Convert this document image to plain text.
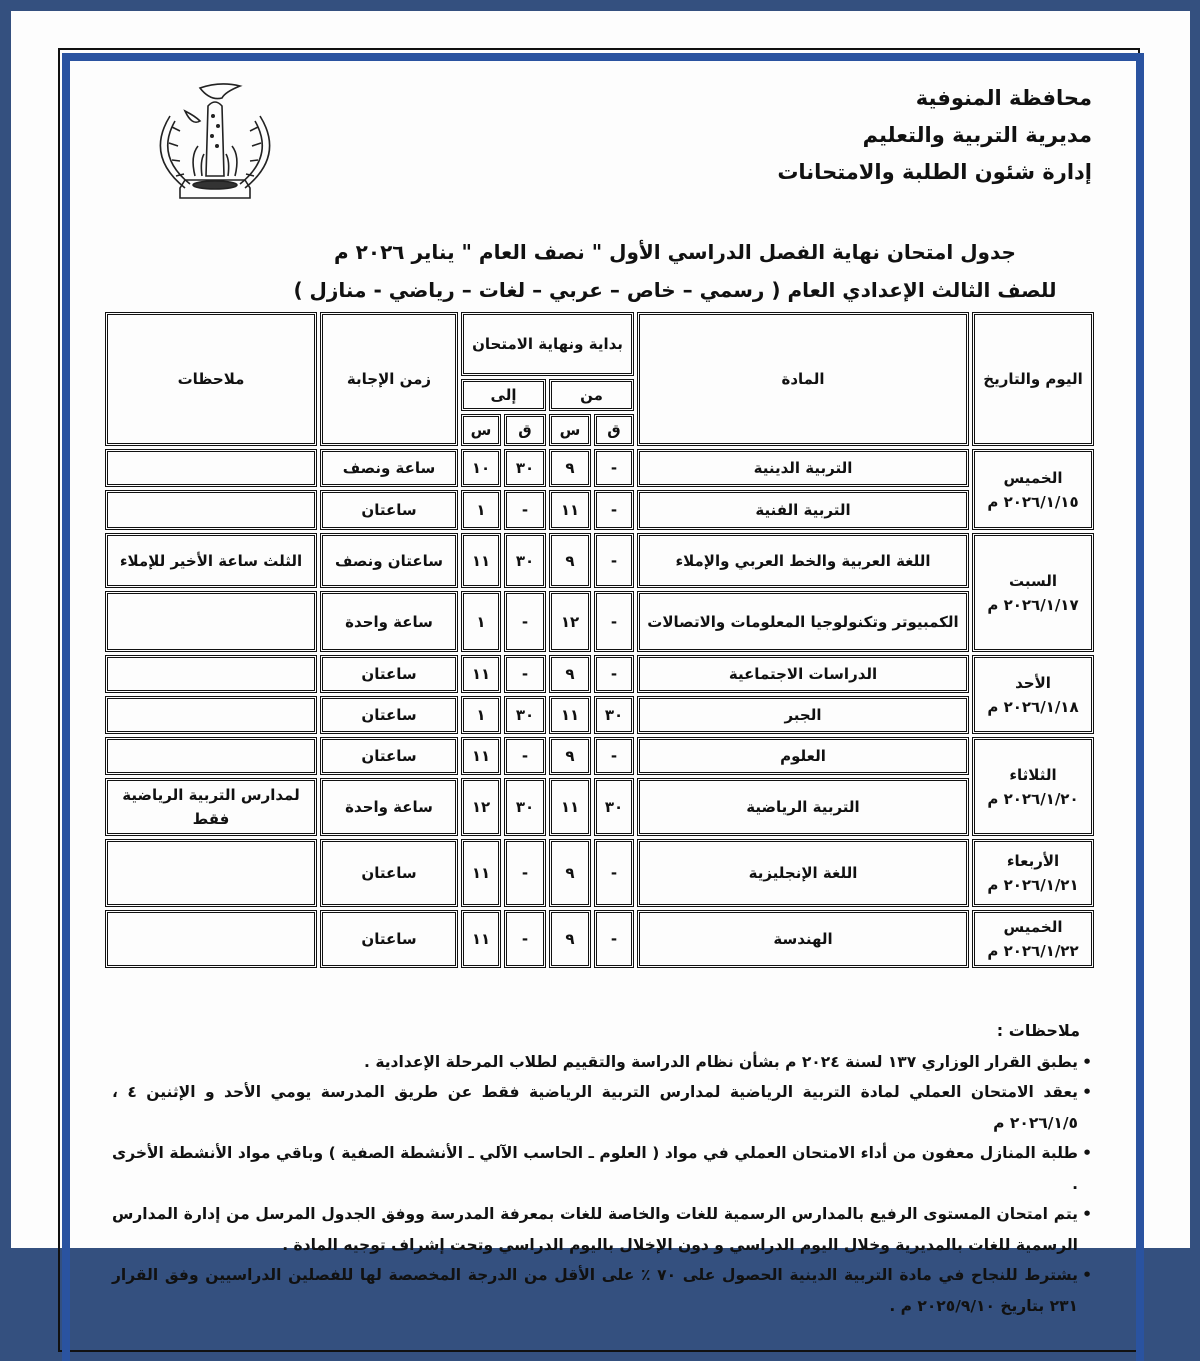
محافظة المنوفية
مديرية التربية والتعليم
إدارة شئون الطلبة والامتحانات
جدول امتحان نهاية الفصل الدراسي الأول " نصف العام " يناير ٢٠٢٦ م
للصف الثالث الإعدادي العام ( رسمي – خاص – عربي – لغات – رياضي - منازل )
اليوم والتاريخ	المادة	بداية ونهاية الامتحان				زمن الإجابة	ملاحظات
		من		إلى			
		ق	س	ق	س		

الخميس
٢٠٢٦/١/١٥ م	التربية الدينية	-	٩	٣٠	١٠	ساعة ونصف	
	التربية الفنية	-	١١	-	١	ساعتان	

السبت
٢٠٢٦/١/١٧ م	اللغة العربية والخط العربي والإملاء	-	٩	٣٠	١١	ساعتان ونصف	الثلث ساعة الأخير للإملاء
	الكمبيوتر وتكنولوجيا المعلومات والاتصالات	-	١٢	-	١	ساعة واحدة	

الأحد
٢٠٢٦/١/١٨ م	الدراسات الاجتماعية	-	٩	-	١١	ساعتان	
	الجبر	٣٠	١١	٣٠	١	ساعتان	

الثلاثاء
٢٠٢٦/١/٢٠ م	العلوم	-	٩	-	١١	ساعتان	
	التربية الرياضية	٣٠	١١	٣٠	١٢	ساعة واحدة	لمدارس التربية الرياضية فقط

الأربعاء
٢٠٢٦/١/٢١ م	اللغة الإنجليزية	-	٩	-	١١	ساعتان	

الخميس
٢٠٢٦/١/٢٢ م	الهندسة	-	٩	-	١١	ساعتان	
ملاحظات :
•
يطبق القرار الوزاري ١٣٧ لسنة ٢٠٢٤ م بشأن نظام الدراسة والتقييم لطلاب المرحلة الإعدادية .
•
يعقد الامتحان العملي لمادة التربية الرياضية لمدارس التربية الرياضية فقط عن طريق المدرسة يومي الأحد و الإثنين ٤ ، ٢٠٢٦/١/٥ م
•
طلبة المنازل معفون من أداء الامتحان العملي في مواد ( العلوم ـ الحاسب الآلي ـ الأنشطة الصفية ) وباقي مواد الأنشطة الأخرى .
•
يتم امتحان المستوى الرفيع بالمدارس الرسمية للغات والخاصة للغات بمعرفة المدرسة ووفق الجدول المرسل من إدارة المدارس الرسمية للغات بالمديرية وخلال اليوم الدراسي و دون الإخلال باليوم الدراسي وتحت إشراف توجيه المادة .
•
يشترط للنجاح في مادة التربية الدينية الحصول على ٧٠ ٪ على الأقل من الدرجة المخصصة لها للفصلين الدراسيين وفق القرار ٢٣١ بتاريخ ٢٠٢٥/٩/١٠ م .
